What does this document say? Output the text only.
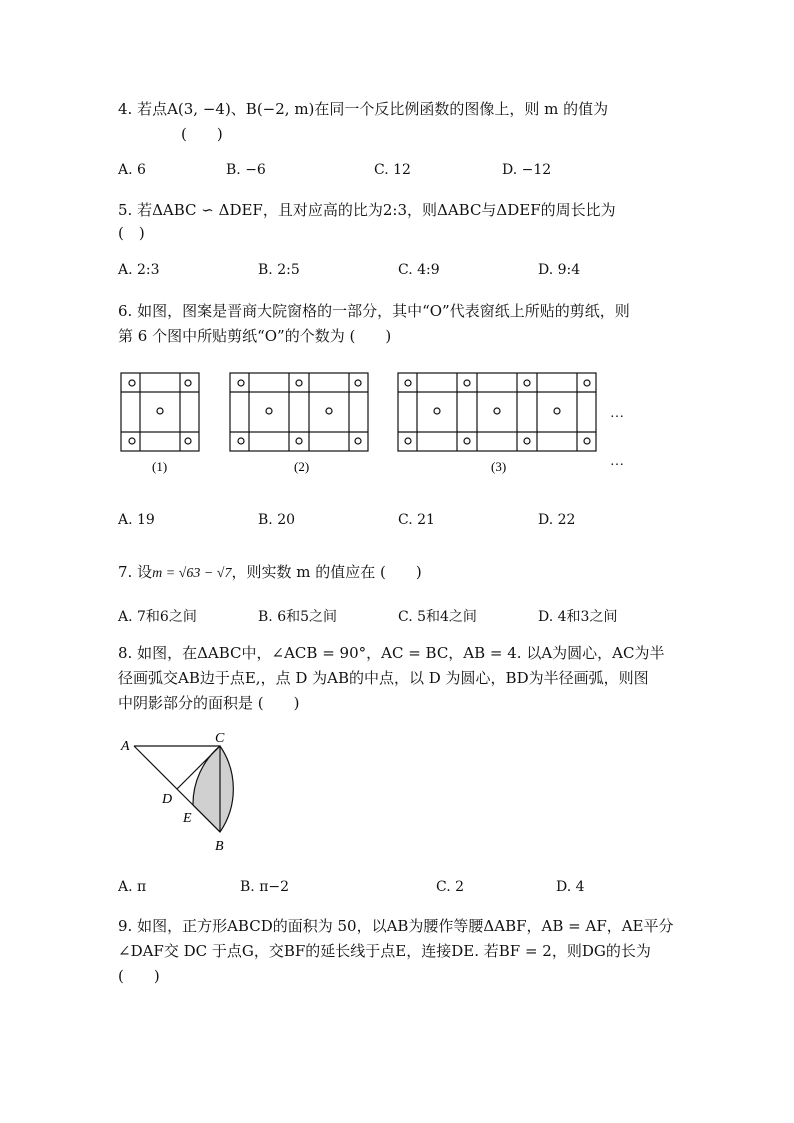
4. 若点A(3, −4)、B(−2, m)在同一个反比例函数的图像上，则 m 的值为
(　　)
A. 6	B. −6	C. 12	D. −12
5. 若ΔABC ∽ ΔDEF，且对应高的比为2:3，则ΔABC与ΔDEF的周长比为
(　)
A. 2:3	B. 2:5	C. 4:9	D. 9:4
6. 如图，图案是晋商大院窗格的一部分，其中“O”代表窗纸上所贴的剪纸，则
第 6 个图中所贴剪纸“O”的个数为 (　　)
(1)	(2)	(3)
…
…
A. 19	B. 20	C. 21	D. 22
7. 设m = √63 − √7，则实数 m 的值应在 (　　)
A. 7和6之间	B. 6和5之间	C. 5和4之间	D. 4和3之间
8. 如图，在ΔABC中，∠ACB = 90°，AC = BC，AB = 4. 以A为圆心，AC为半
径画弧交AB边于点E,，点 D 为AB的中点，以 D 为圆心，BD为半径画弧，则图
中阴影部分的面积是 (　　)
A
C
D
E
B
A. π	B. π−2	C. 2	D. 4
9. 如图，正方形ABCD的面积为 50，以AB为腰作等腰ΔABF，AB = AF，AE平分
∠DAF交 DC 于点G，交BF的延长线于点E，连接DE. 若BF = 2，则DG的长为
(　　)
